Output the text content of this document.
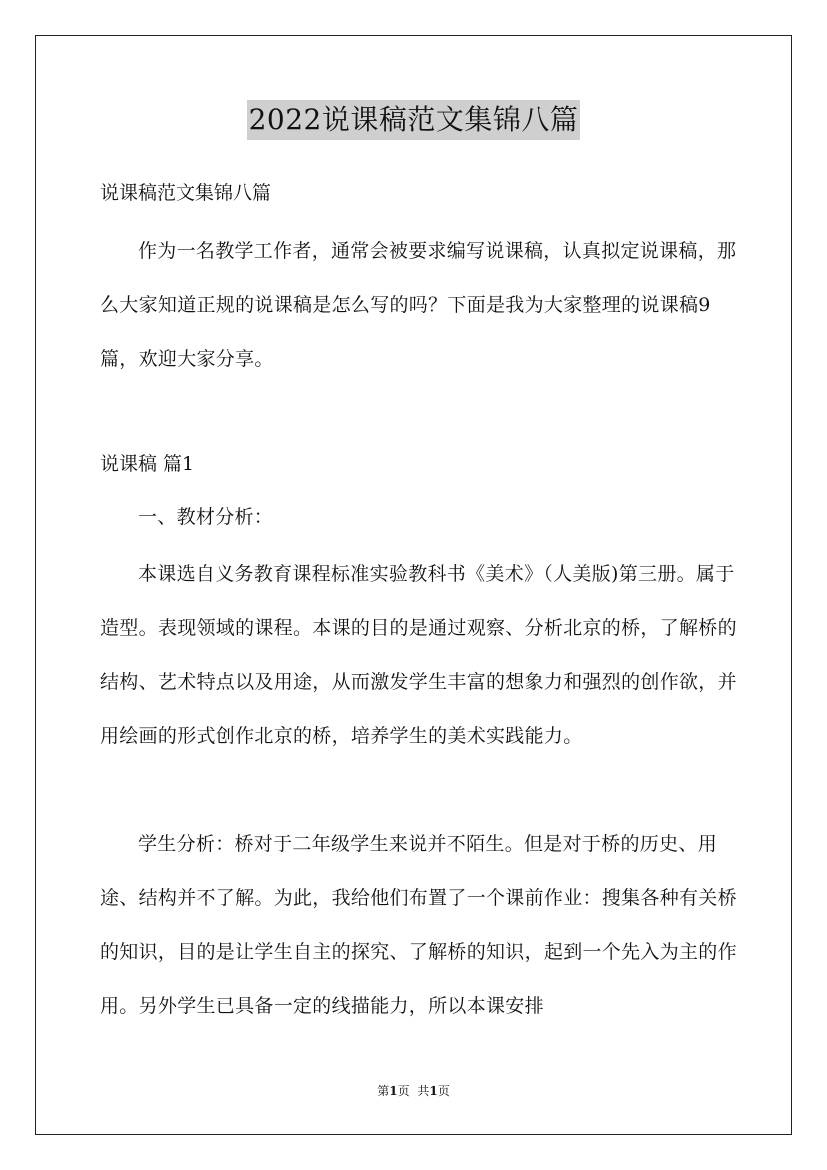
2022说课稿范文集锦八篇
说课稿范文集锦八篇

作为一名教学工作者，通常会被要求编写说课稿，认真拟定说课稿，那么大家知道正规的说课稿是怎么写的吗？下面是我为大家整理的说课稿9篇，欢迎大家分享。

说课稿 篇1

一、教材分析：

本课选自义务教育课程标准实验教科书《美术》（人美版)第三册。属于造型。表现领域的课程。本课的目的是通过观察、分析北京的桥，了解桥的结构、艺术特点以及用途，从而激发学生丰富的想象力和强烈的创作欲，并用绘画的形式创作北京的桥，培养学生的美术实践能力。

学生分析：桥对于二年级学生来说并不陌生。但是对于桥的历史、用途、结构并不了解。为此，我给他们布置了一个课前作业：搜集各种有关桥的知识，目的是让学生自主的探究、了解桥的知识，起到一个先入为主的作用。另外学生已具备一定的线描能力，所以本课安排

第1页 共1页
